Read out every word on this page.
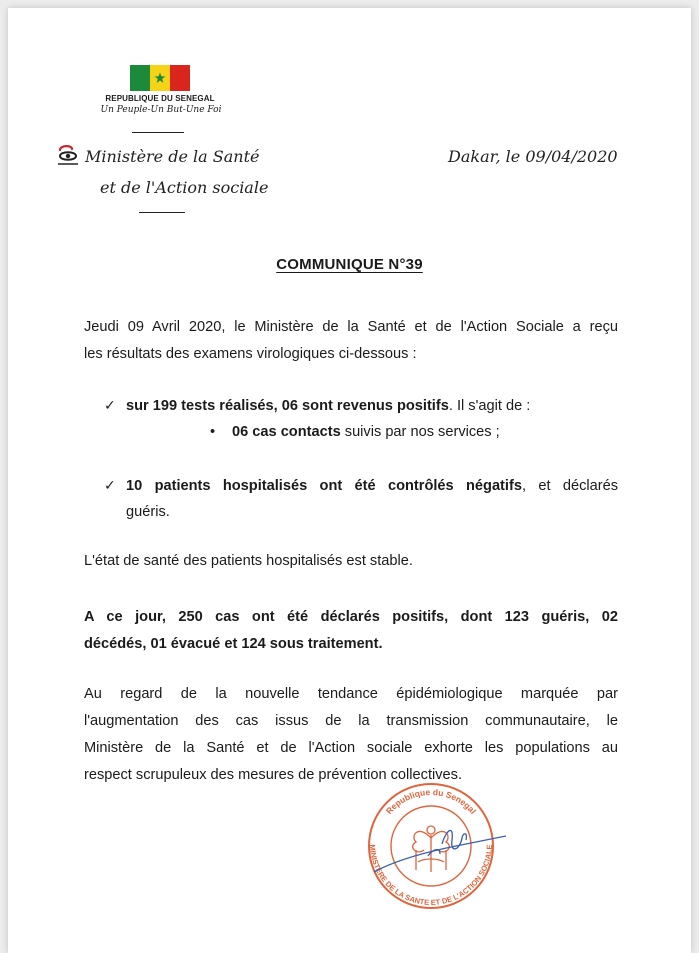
REPUBLIQUE DU SENEGAL
Un Peuple-Un But-Une Foi
Ministère de la Santé
et de l'Action sociale
Dakar, le 09/04/2020
COMMUNIQUE N°39
Jeudi 09 Avril 2020, le Ministère de la Santé et de l'Action Sociale a reçu
les résultats des examens virologiques ci-dessous :
✓ sur 199 tests réalisés, 06 sont revenus positifs. Il s'agit de :
• 06 cas contacts suivis par nos services ;
✓ 10 patients hospitalisés ont été contrôlés négatifs, et déclarés
guéris.
L'état de santé des patients hospitalisés est stable.
A ce jour, 250 cas ont été déclarés positifs, dont 123 guéris, 02
décédés, 01 évacué et 124 sous traitement.
Au regard de la nouvelle tendance épidémiologique marquée par
l'augmentation des cas issus de la transmission communautaire, le
Ministère de la Santé et de l'Action sociale exhorte les populations au
respect scrupuleux des mesures de prévention collectives.
Republique du Senegal
MINISTERE DE LA SANTE ET DE L'ACTION SOCIALE
